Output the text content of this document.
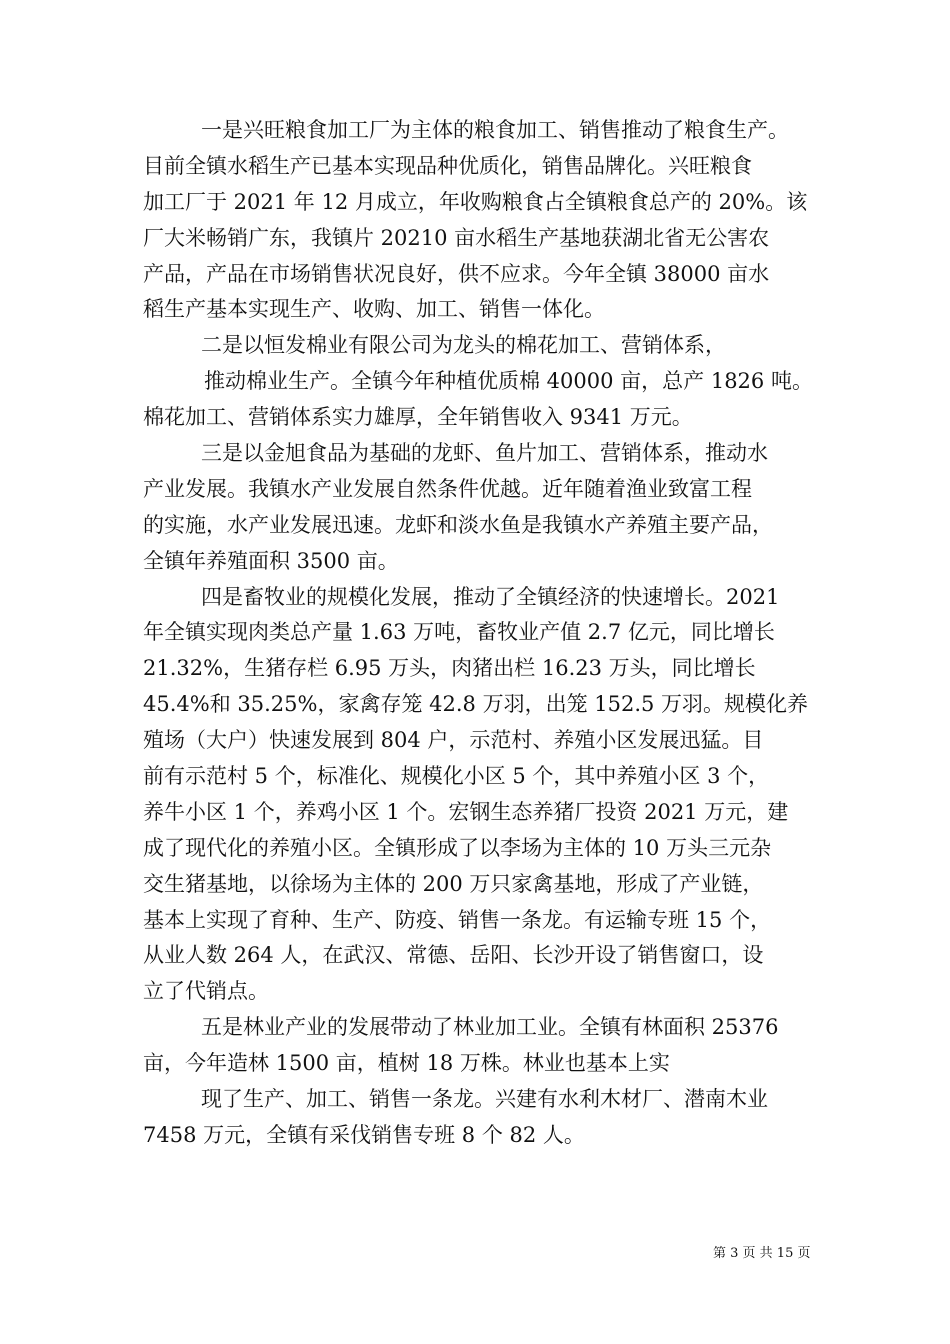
一是兴旺粮食加工厂为主体的粮食加工、销售推动了粮食生产。
目前全镇水稻生产已基本实现品种优质化，销售品牌化。兴旺粮食
加工厂于 2021 年 12 月成立，年收购粮食占全镇粮食总产的 20%。该
厂大米畅销广东，我镇片 20210 亩水稻生产基地获湖北省无公害农
产品，产品在市场销售状况良好，供不应求。今年全镇 38000 亩水
稻生产基本实现生产、收购、加工、销售一体化。
二是以恒发棉业有限公司为龙头的棉花加工、营销体系，
推动棉业生产。全镇今年种植优质棉 40000 亩，总产 1826 吨。
棉花加工、营销体系实力雄厚，全年销售收入 9341 万元。
三是以金旭食品为基础的龙虾、鱼片加工、营销体系，推动水
产业发展。我镇水产业发展自然条件优越。近年随着渔业致富工程
的实施，水产业发展迅速。龙虾和淡水鱼是我镇水产养殖主要产品，
全镇年养殖面积 3500 亩。
四是畜牧业的规模化发展，推动了全镇经济的快速增长。2021
年全镇实现肉类总产量 1.63 万吨，畜牧业产值 2.7 亿元，同比增长
21.32%，生猪存栏 6.95 万头，肉猪出栏 16.23 万头，同比增长
45.4%和 35.25%，家禽存笼 42.8 万羽，出笼 152.5 万羽。规模化养
殖场（大户）快速发展到 804 户，示范村、养殖小区发展迅猛。目
前有示范村 5 个，标准化、规模化小区 5 个，其中养殖小区 3 个，
养牛小区 1 个，养鸡小区 1 个。宏钢生态养猪厂投资 2021 万元，建
成了现代化的养殖小区。全镇形成了以李场为主体的 10 万头三元杂
交生猪基地，以徐场为主体的 200 万只家禽基地，形成了产业链，
基本上实现了育种、生产、防疫、销售一条龙。有运输专班 15 个，
从业人数 264 人，在武汉、常德、岳阳、长沙开设了销售窗口，设
立了代销点。
五是林业产业的发展带动了林业加工业。全镇有林面积 25376
亩，今年造林 1500 亩，植树 18 万株。林业也基本上实
现了生产、加工、销售一条龙。兴建有水利木材厂、潜南木业
7458 万元，全镇有采伐销售专班 8 个 82 人。
第 3 页 共 15 页
